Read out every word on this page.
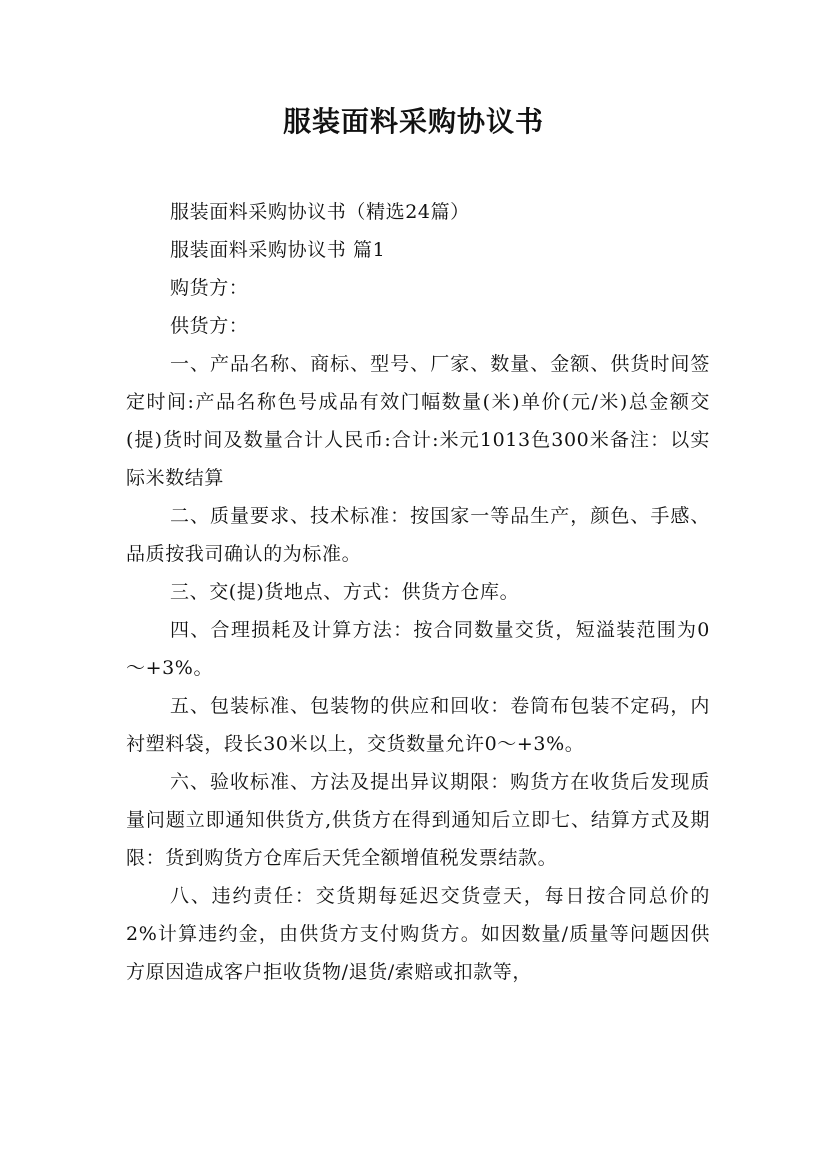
服装面料采购协议书

服装面料采购协议书（精选24篇）

服装面料采购协议书 篇1

购货方：

供货方：

一、产品名称、商标、型号、厂家、数量、金额、供货时间签定时间:产品名称色号成品有效门幅数量(米)单价(元/米)总金额交(提)货时间及数量合计人民币:合计:米元1013色300米备注：以实际米数结算

二、质量要求、技术标准：按国家一等品生产，颜色、手感、品质按我司确认的为标准。

三、交(提)货地点、方式：供货方仓库。

四、合理损耗及计算方法：按合同数量交货，短溢装范围为0～+3%。

五、包装标准、包装物的供应和回收：卷筒布包装不定码，内衬塑料袋，段长30米以上，交货数量允许0～+3%。

六、验收标准、方法及提出异议期限：购货方在收货后发现质量问题立即通知供货方,供货方在得到通知后立即七、结算方式及期限：货到购货方仓库后天凭全额增值税发票结款。

八、违约责任：交货期每延迟交货壹天，每日按合同总价的2%计算违约金，由供货方支付购货方。如因数量/质量等问题因供方原因造成客户拒收货物/退货/索赔或扣款等，
